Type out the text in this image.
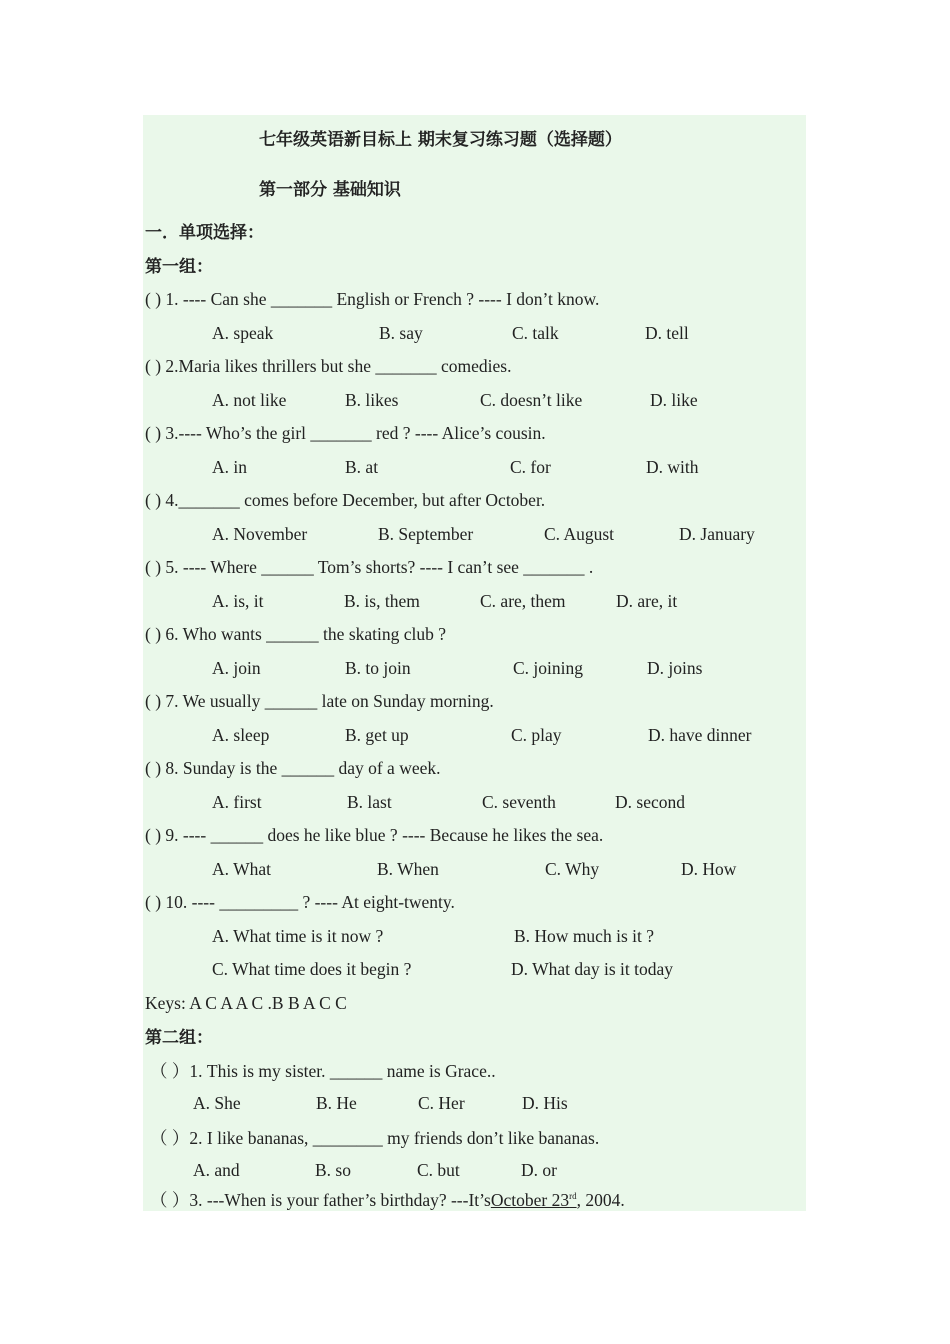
七年级英语新目标上 期末复习练习题（选择题）
第一部分 基础知识
一．单项选择：
第一组：
( ) 1. ---- Can she _______ English or French ? ---- I don’t know.
A. speak	B. say	C. talk	D. tell
( ) 2.Maria likes thrillers but she _______ comedies.
A. not like	B. likes	C. doesn’t like	D. like
( ) 3.---- Who’s the girl _______ red ? ---- Alice’s cousin.
A. in	B. at	C. for	D. with
( ) 4._______ comes before December, but after October.
A. November	B. September	C. August	D. January
( ) 5. ---- Where ______ Tom’s shorts? ---- I can’t see _______ .
A. is, it	B. is, them	C. are, them	D. are, it
( ) 6. Who wants ______ the skating club ?
A. join	B. to join	C. joining	D. joins
( ) 7. We usually ______ late on Sunday morning.
A. sleep	B. get up	C. play	D. have dinner
( ) 8. Sunday is the ______ day of a week.
A. first	B. last	C. seventh	D. second
( ) 9. ---- ______ does he like blue ? ---- Because he likes the sea.
A. What	B. When	C. Why	D. How
( ) 10. ---- _________ ? ---- At eight-twenty.
A. What time is it now ?	B. How much is it ?
C. What time does it begin ?	D. What day is it today
Keys: A C A A C .B B A C C
第二组：
（ ）1. This is my sister. ______ name is Grace..
A. She	B. He	C. Her	D. His
（ ）2. I like bananas, ________ my friends don’t like bananas.
A. and	B. so	C. but	D. or
（ ）3. ---When is your father’s birthday? ---It’sOctober 23rd, 2004.
